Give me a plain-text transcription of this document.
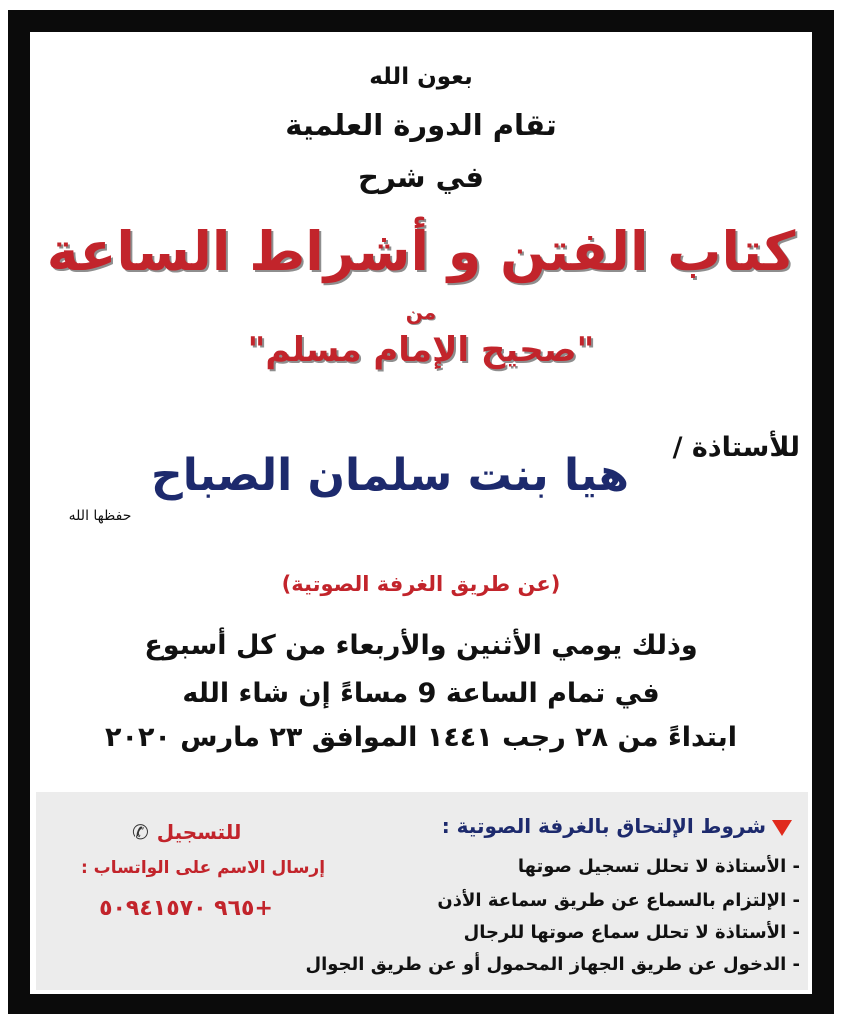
بعون الله
تقام الدورة العلمية
في شرح
كتاب الفتن و أشراط الساعة
من
"صحيح الإمام مسلم"
للأستاذة /
هيا بنت سلمان الصباح
حفظها الله
(عن طريق الغرفة الصوتية)
وذلك يومي الأثنين والأربعاء من كل أسبوع
في تمام الساعة 9 مساءً إن شاء الله
ابتداءً من ٢٨ رجب ١٤٤١ الموافق ٢٣ مارس ٢٠٢٠
شروط الإلتحاق بالغرفة الصوتية :
- الأستاذة لا تحلل تسجيل صوتها
- الإلتزام بالسماع عن طريق سماعة الأذن
- الأستاذة لا تحلل سماع صوتها للرجال
- الدخول عن طريق الجهاز المحمول أو عن طريق الجوال
للتسجيل✆
إرسال الاسم على الواتساب :
+٩٦٥ ٥٠٩٤١٥٧٠
